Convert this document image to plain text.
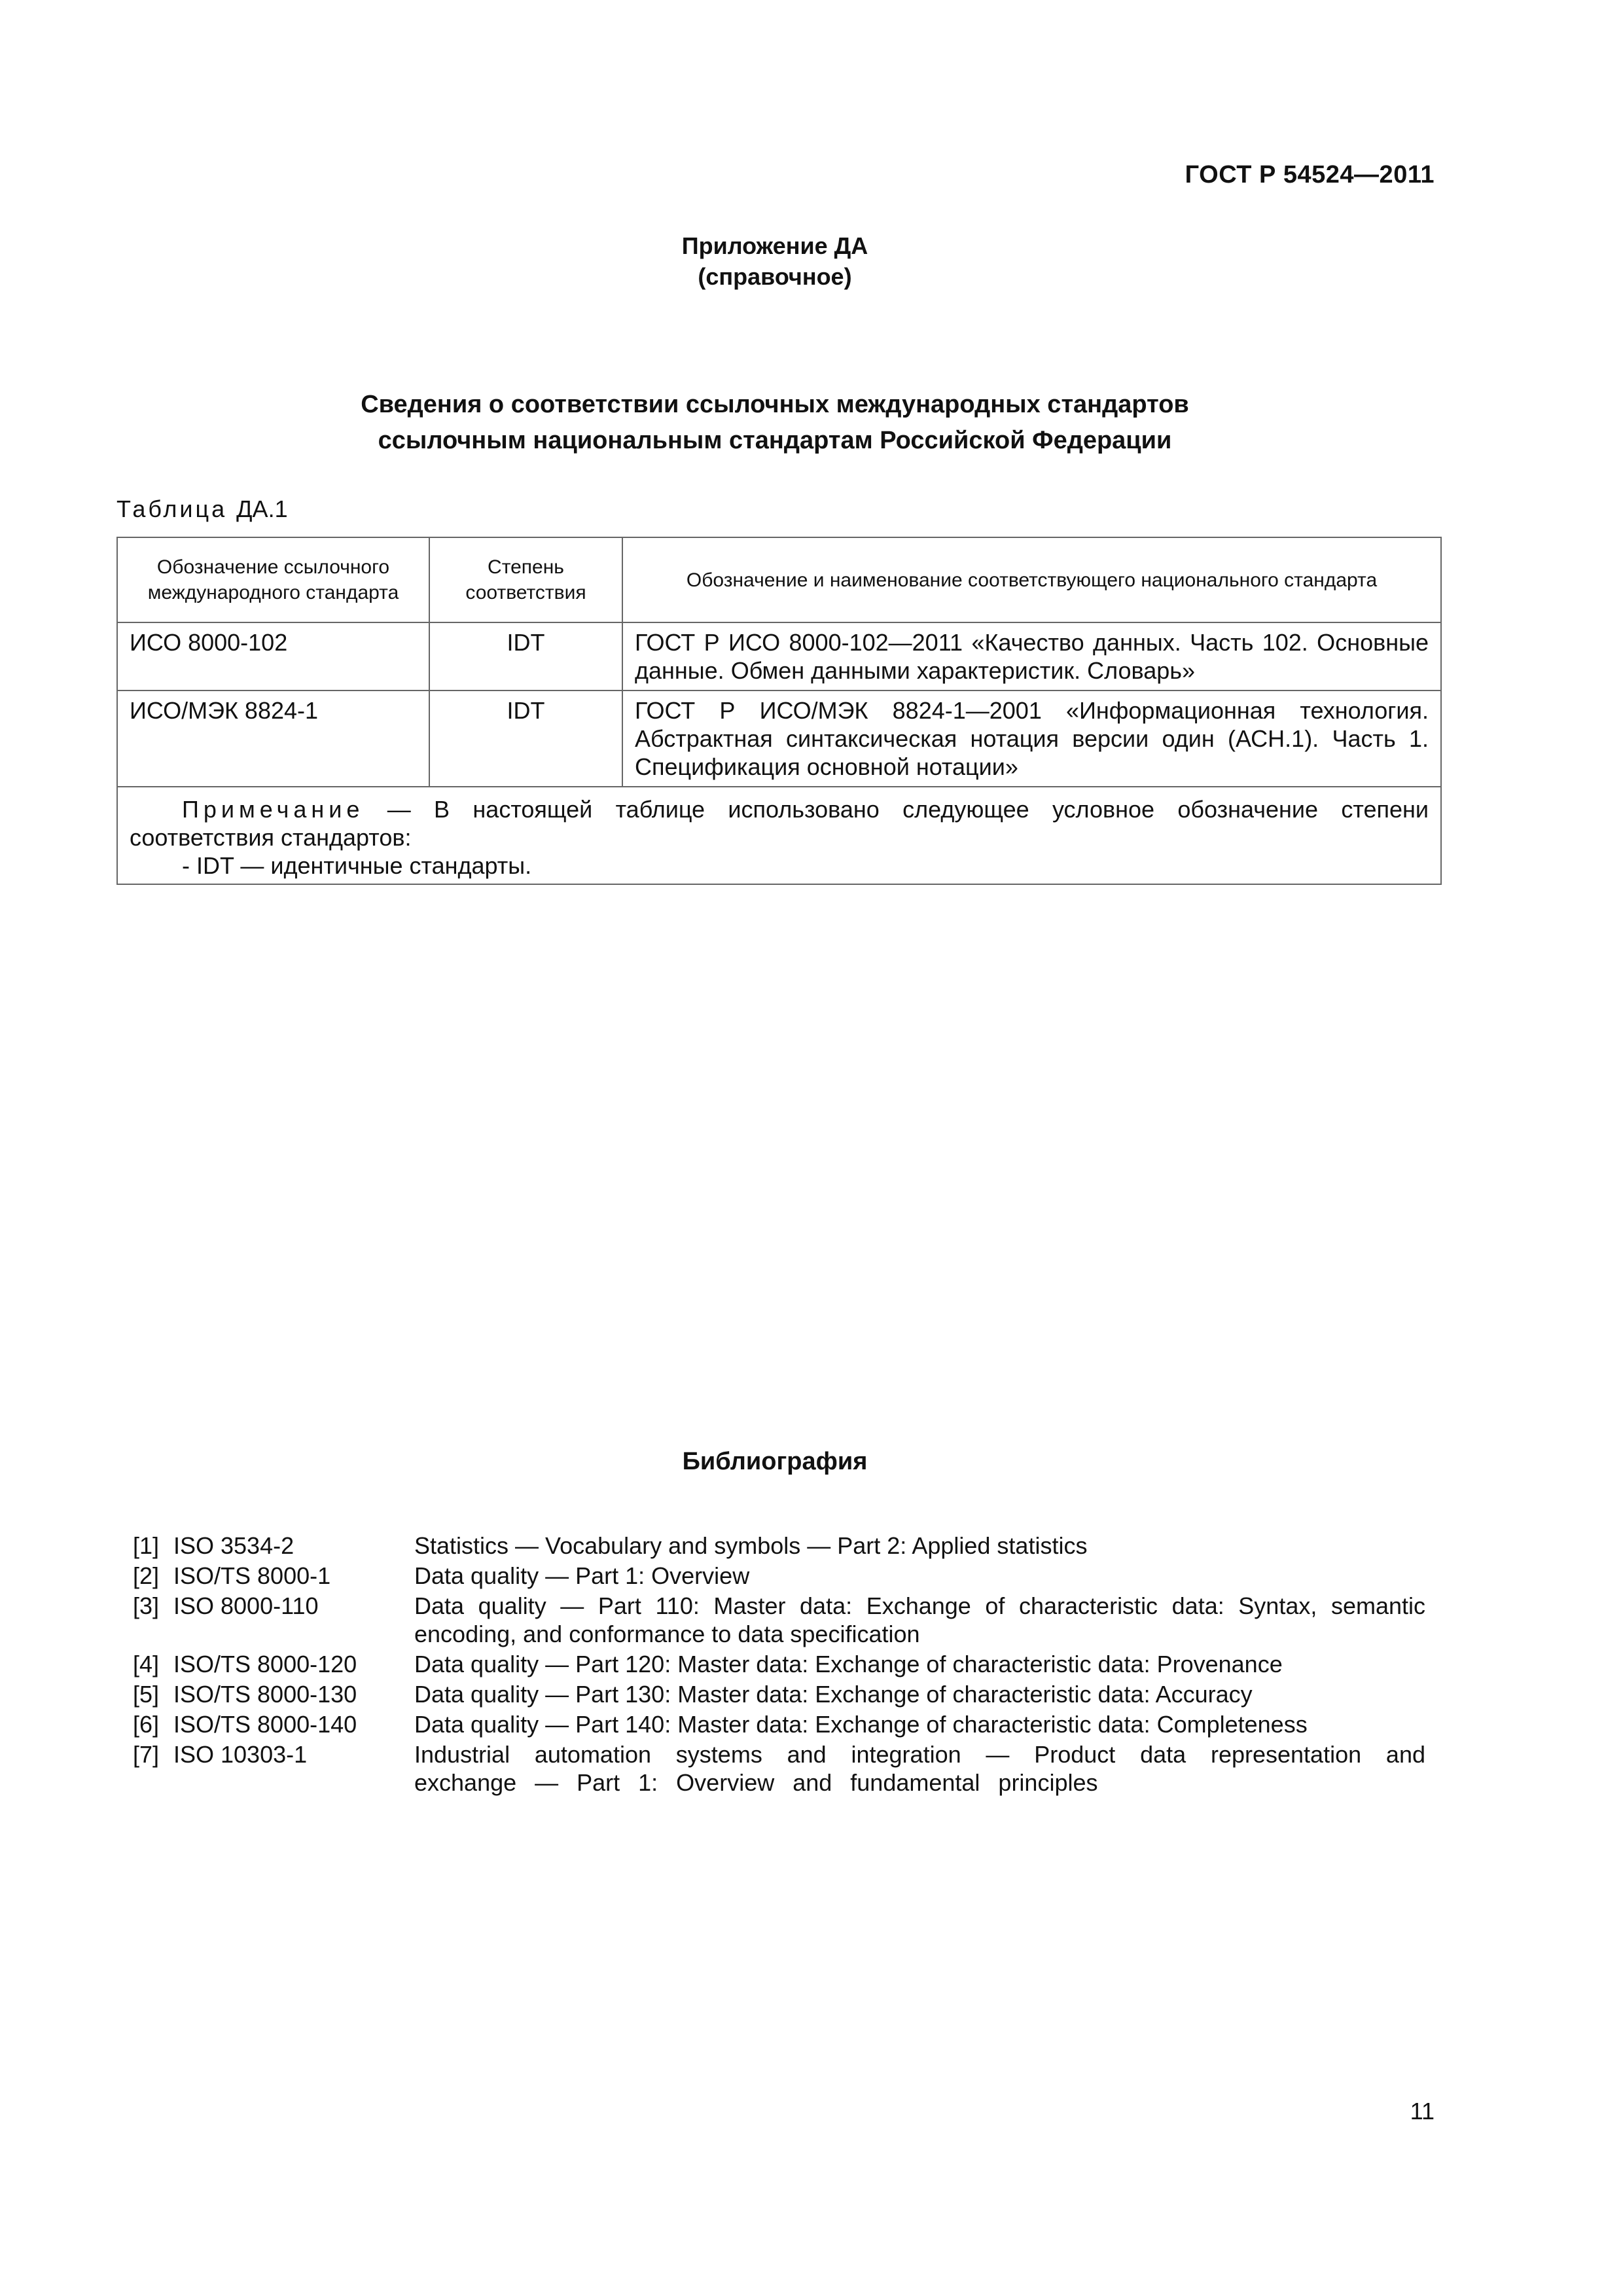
ГОСТ Р 54524—2011
Приложение ДА
(справочное)
Сведения о соответствии ссылочных международных стандартов
ссылочным национальным стандартам Российской Федерации
Таблица ДА.1
Обозначение ссылочного международного стандарта	Степень соответствия	Обозначение и наименование соответствующего национального стандарта
ИСО 8000-102	IDT	ГОСТ Р ИСО 8000-102—2011 «Качество данных. Часть 102. Основные данные. Обмен данными характеристик. Словарь»
ИСО/МЭК 8824-1	IDT	ГОСТ Р ИСО/МЭК 8824-1—2001 «Информационная технология. Абстрактная синтаксическая нотация версии один (АСН.1). Часть 1. Спецификация основной нотации»

Примечание — В настоящей таблице использовано следующее условное обозначение степени соответствия стандартов:
- IDT — идентичные стандарты.		
Библиография
[1] ISO 3534-2	Statistics — Vocabulary and symbols — Part 2: Applied statistics
[2] ISO/TS 8000-1	Data quality — Part 1: Overview
[3] ISO 8000-110	Data quality — Part 110: Master data: Exchange of characteristic data: Syntax, semantic encoding, and conformance to data specification
[4] ISO/TS 8000-120	Data quality — Part 120: Master data: Exchange of characteristic data: Provenance
[5] ISO/TS 8000-130	Data quality — Part 130: Master data: Exchange of characteristic data: Accuracy
[6] ISO/TS 8000-140	Data quality — Part 140: Master data: Exchange of characteristic data: Completeness
[7] ISO 10303-1	Industrial automation systems and integration — Product data representation and exchange — Part 1: Overview and fundamental principles
11
